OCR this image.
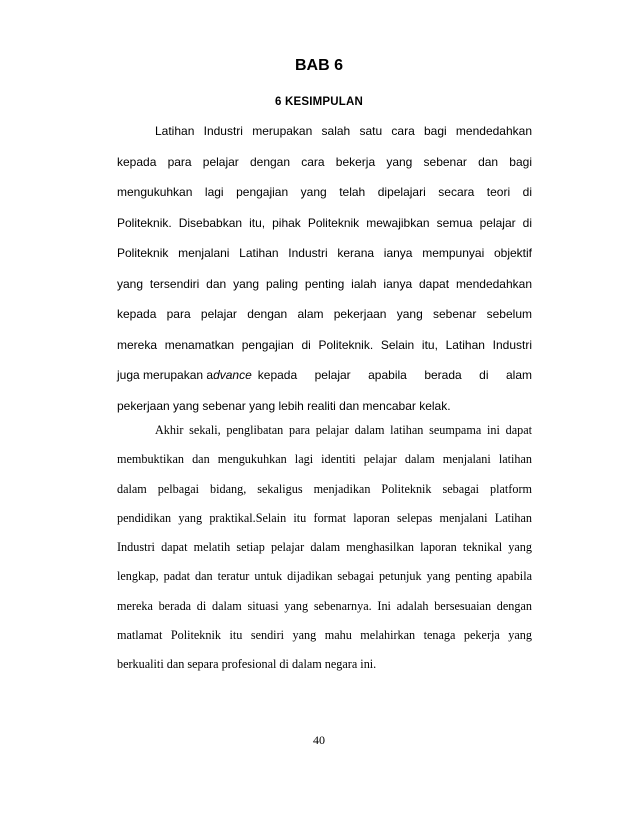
BAB 6
6 KESIMPULAN

Latihan Industri merupakan salah satu cara bagi mendedahkan
kepada para pelajar dengan cara bekerja yang sebenar dan bagi
mengukuhkan lagi pengajian yang telah dipelajari secara teori di
Politeknik. Disebabkan itu, pihak Politeknik mewajibkan semua pelajar di
Politeknik menjalani Latihan Industri kerana ianya mempunyai objektif
yang tersendiri dan yang paling penting ialah ianya dapat mendedahkan
kepada para pelajar dengan alam pekerjaan yang sebenar sebelum
mereka menamatkan pengajian di Politeknik. Selain itu, Latihan Industri
juga merupakan advance kepada pelajar apabila berada di alam
pekerjaan yang sebenar yang lebih realiti dan mencabar kelak.

Akhir sekali, penglibatan para pelajar dalam latihan seumpama ini dapat
membuktikan dan mengukuhkan lagi identiti pelajar dalam menjalani latihan
dalam pelbagai bidang, sekaligus menjadikan Politeknik sebagai platform
pendidikan yang praktikal.Selain itu format laporan selepas menjalani Latihan
Industri dapat melatih setiap pelajar dalam menghasilkan laporan teknikal yang
lengkap, padat dan teratur untuk dijadikan sebagai petunjuk yang penting apabila
mereka berada di dalam situasi yang sebenarnya. Ini adalah bersesuaian dengan
matlamat Politeknik itu sendiri yang mahu melahirkan tenaga pekerja yang
berkualiti dan separa profesional di dalam negara ini.

40
